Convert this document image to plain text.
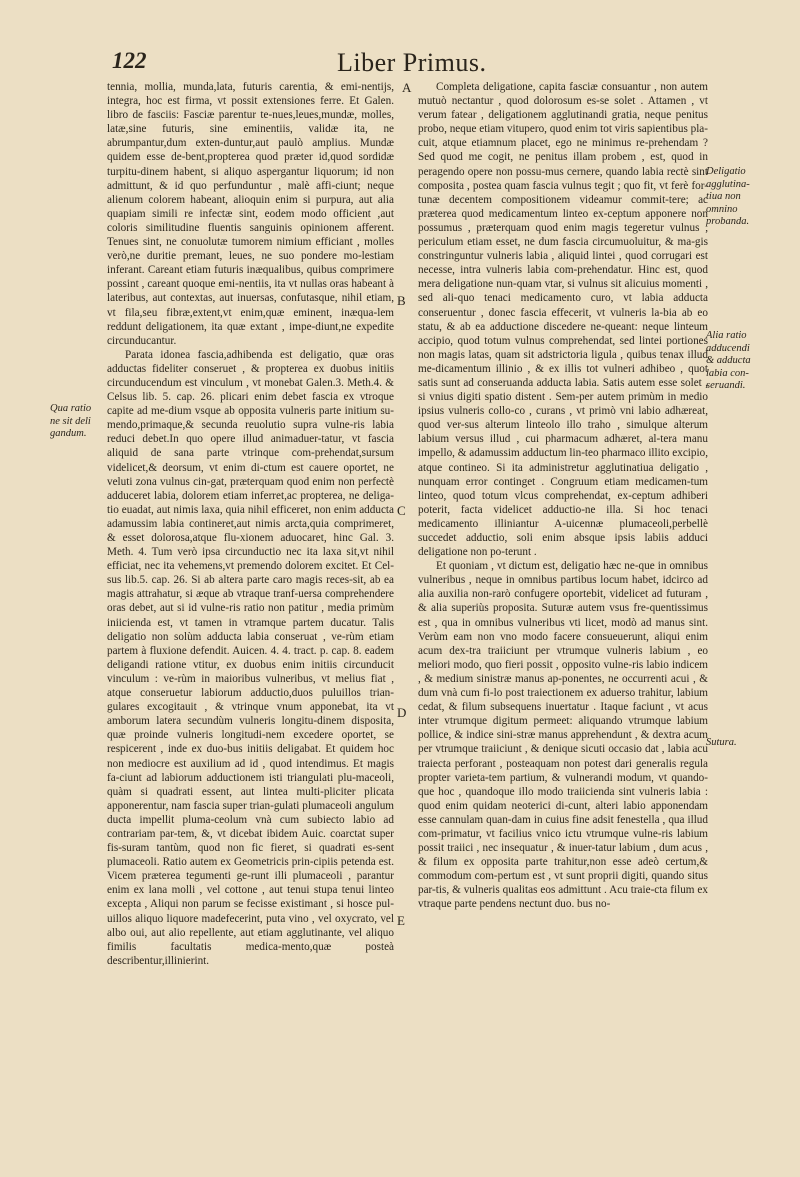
122	Liber Primus.

tennia, mollia, munda,lata, futuris carentia, & emi-nentijs, integra, hoc est firma, vt possit extensiones ferre. Et Galen. libro de fasciis: Fasciæ parentur te-nues,leues,mundæ, molles, latæ,sine futuris, sine eminentiis, validæ ita, ne abrumpantur,dum exten-duntur,aut paulò amplius. Mundæ quidem esse de-bent,propterea quod præter id,quod sordidæ turpitu-dinem habent, si aliquo aspergantur liquorum; id non admittunt, & id quo perfunduntur , malè affi-ciunt; neque alienum colorem habeant, alioquin enim si purpura, aut alia quapiam simili re infectæ sint, eodem modo officient ,aut coloris similitudine fluentis sanguinis opinionem afferent. Tenues sint, ne conuolutæ tumorem nimium efficiant , molles verò,ne duritie premant, leues, ne suo pondere mo-lestiam inferant. Careant etiam futuris inæqualibus, quibus comprimere possint , careant quoque emi-nentiis, ita vt nullas oras habeant à lateribus, aut contextas, aut inuersas, confutasque, nihil etiam, vt fila,seu fibræ,extent,vt enim,quæ eminent, inæqua-lem reddunt deligationem, ita quæ extant , impe-diunt,ne expedite circunducantur.

Parata idonea fascia,adhibenda est deligatio, quæ oras adductas fideliter conseruet , & propterea ex duobus initiis circunducendum est vinculum , vt monebat Galen.3. Meth.4. & Celsus lib. 5. cap. 26. plicari enim debet fascia ex vtroque capite ad me-dium vsque ab opposita vulneris parte initium su-mendo,primaque,& secunda reuolutio supra vulne-ris labia reduci debet.In quo opere illud animaduer-tatur, vt fascia aliquid de sana parte vtrinque com-prehendat,sursum videlicet,& deorsum, vt enim di-ctum est cauere oportet, ne veluti zona vulnus cin-gat, præterquam quod enim non perfectè adduceret labia, dolorem etiam inferret,ac propterea, ne deliga-tio euadat, aut nimis laxa, quia nihil efficeret, non enim adducta adamussim labia contineret,aut nimis arcta,quia comprimeret, & esset dolorosa,atque flu-xionem aduocaret, hinc Gal. 3. Meth. 4. Tum verò ipsa circunductio nec ita laxa sit,vt nihil efficiat, nec ita vehemens,vt premendo dolorem excitet. Et Cel-sus lib.5. cap. 26. Si ab altera parte caro magis reces-sit, ab ea magis attrahatur, si æque ab vtraque tranf-uersa comprehendere oras debet, aut si id vulne-ris ratio non patitur , media primùm iniicienda est, vt tamen in vtramque partem ducatur. Talis deligatio non solùm adducta labia conseruat , ve-rùm etiam partem à fluxione defendit. Auicen. 4. 4. tract. p. cap. 8. eadem deligandi ratione vtitur, ex duobus enim initiis circunducit vinculum : ve-rùm in maioribus vulneribus, vt melius fiat , atque conseruetur labiorum adductio,duos puluillos trian-gulares excogitauit , & vtrinque vnum apponebat, ita vt amborum latera secundùm vulneris longitu-dinem disposita, quæ proinde vulneris longitudi-nem excedere oportet, se respicerent , inde ex duo-bus initiis deligabat. Et quidem hoc non mediocre est auxilium ad id , quod intendimus. Et magis fa-ciunt ad labiorum adductionem isti triangulati plu-maceoli, quàm si quadrati essent, aut lintea multi-pliciter plicata apponerentur, nam fascia super trian-gulati plumaceoli angulum ducta impellit pluma-ceolum vnà cum subiecto labio ad contrariam par-tem, &, vt dicebat ibidem Auic. coarctat super fis-suram tantùm, quod non fic fieret, si quadrati es-sent plumaceoli. Ratio autem ex Geometricis prin-cipiis petenda est. Vicem præterea tegumenti ge-runt illi plumaceoli , parantur enim ex lana molli , vel cottone , aut tenui stupa tenui linteo excepta , Aliqui non parum se fecisse existimant , si hosce pul-uillos aliquo liquore madefecerint, puta vino , vel oxycrato, vel albo oui, aut alio repellente, aut etiam agglutinante, vel aliquo fimilis facultatis medica-mento,quæ posteà describentur,illinierint.

Completa deligatione, capita fasciæ consuantur , non autem mutuò nectantur , quod dolorosum es-se solet . Attamen , vt verum fatear , deligationem agglutinandi gratia, neque penitus probo, neque etiam vitupero, quod enim tot viris sapientibus pla-cuit, atque etiamnum placet, ego ne minimus re-prehendam ? Sed quod me cogit, ne penitus illam probem , est, quod in peragendo opere non possu-mus cernere, quando labia rectè sint composita , postea quam fascia vulnus tegit ; quo fit, vt ferè for-tunæ decentem compositionem videamur commit-tere; ac præterea quod medicamentum linteo ex-ceptum apponere non possumus , præterquam quod enim magis tegeretur vulnus , periculum etiam esset, ne dum fascia circumuoluitur, & ma-gis constringuntur vulneris labia , aliquid lintei , quod corrugari est necesse, intra vulneris labia com-prehendatur. Hinc est, quod mera deligatione nun-quam vtar, si vulnus sit alicuius momenti , sed ali-quo tenaci medicamento curo, vt labia adducta conseruentur , donec fascia effecerit, vt vulneris la-bia ab eo statu, & ab ea adductione discedere ne-queant: neque linteum accipio, quod totum vulnus comprehendat, sed lintei portiones non magis latas, quam sit adstrictoria ligula , quibus tenax illud me-dicamentum illinio , & ex illis tot vulneri adhibeo , quot satis sunt ad conseruanda adducta labia. Satis autem esse solet , si vnius digiti spatio distent . Sem-per autem primùm in medio ipsius vulneris collo-co , curans , vt primò vni labio adhæreat, quod ver-sus alterum linteolo illo traho , simulque alterum labium versus illud , cui pharmacum adhæret, al-tera manu impello, & adamussim adductum lin-teo pharmaco illito excipio, atque contineo. Si ita administretur agglutinatiua deligatio , nunquam error continget . Congruum etiam medicamen-tum linteo, quod totum vlcus comprehendat, ex-ceptum adhiberi poterit, facta videlicet adductio-ne illa. Si hoc tenaci medicamento illiniantur A-uicennæ plumaceoli,perbellè succedet adductio, soli enim absque ipsis labiis adduci deligatione non po-terunt .

Et quoniam , vt dictum est, deligatio hæc ne-que in omnibus vulneribus , neque in omnibus partibus locum habet, idcirco ad alia auxilia non-rarò confugere oportebit, videlicet ad futuram , & alia superiùs proposita. Suturæ autem vsus fre-quentissimus est , qua in omnibus vulneribus vti licet, modò ad manus sint. Verùm eam non vno modo facere consueuerunt, aliqui enim acum dex-tra traiiciunt per vtrumque vulneris labium , eo meliori modo, quo fieri possit , opposito vulne-ris labio indicem , & medium sinistræ manus ap-ponentes, ne occurrenti acui , & dum vnà cum fi-lo post traiectionem ex aduerso trahitur, labium cedat, & filum subsequens inuertatur . Itaque faciunt , vt acus inter vtrumque digitum permeet: aliquando vtrumque labium pollice, & indice sini-stræ manus apprehendunt , & dextra acum per vtrumque traiiciunt , & denique sicuti occasio dat , labia acu traiecta perforant , posteaquam non potest dari generalis regula propter varieta-tem partium, & vulnerandi modum, vt quando-que hoc , quandoque illo modo traiicienda sint vulneris labia : quod enim quidam neoterici di-cunt, alteri labio apponendam esse cannulam quan-dam in cuius fine adsit fenestella , qua illud com-primatur, vt facilius vnico ictu vtrumque vulne-ris labium possit traiici , nec insequatur , & inuer-tatur labium , dum acus , & filum ex opposita parte trahitur,non esse adeò certum,& commodum com-pertum est , vt sunt proprii digiti, quando situs par-tis, & vulneris qualitas eos admittunt . Acu traie-cta filum ex vtraque parte pendens nectunt duo. bus no-

A
B
C
D
E

Qua ratio

ne sit deli

gandum.

Deligatio

agglutina-

tiua non

omnino

probanda.

Alia ratio

adducendi

& adducta

labia con-

seruandi.

Sutura.
